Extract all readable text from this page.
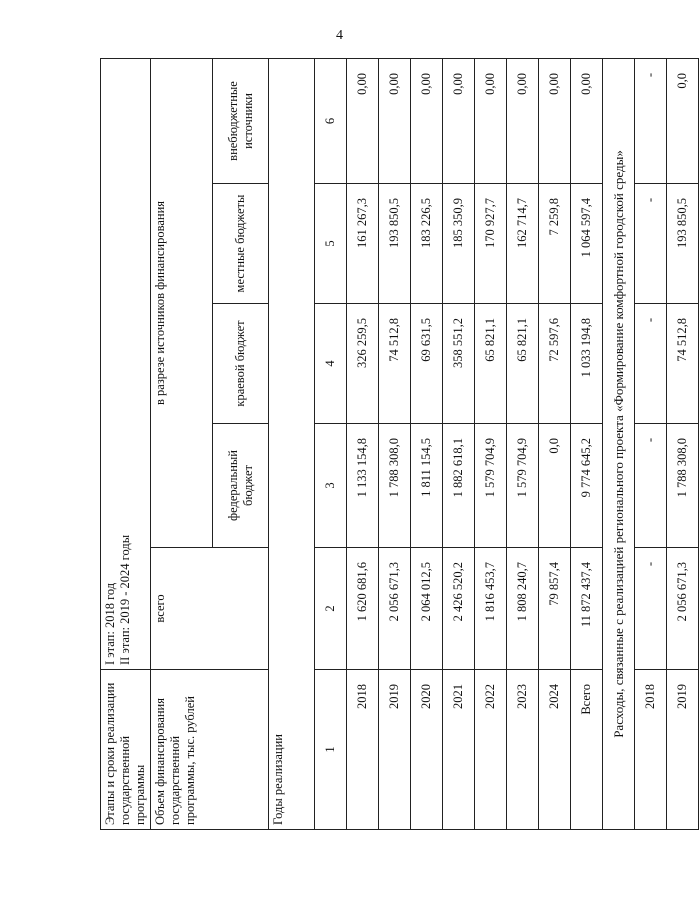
4
Этапы и сроки реализации государственной программы	I этап: 2018 год II этап: 2019 - 2024 годы				

Объем финансирования государственной программы, тыс. рублей	всего	в разрезе источников финансирования			
		федеральный бюджет	краевой бюджет	местные бюджеты	внебюджетные источники
Годы реализации					
1	2	3	4	5	6
2018	1 620 681,6	1 133 154,8	326 259,5	161 267,3	0,00
2019	2 056 671,3	1 788 308,0	74 512,8	193 850,5	0,00
2020	2 064 012,5	1 811 154,5	69 631,5	183 226,5	0,00
2021	2 426 520,2	1 882 618,1	358 551,2	185 350,9	0,00
2022	1 816 453,7	1 579 704,9	65 821,1	170 927,7	0,00
2023	1 808 240,7	1 579 704,9	65 821,1	162 714,7	0,00
2024	79 857,4	0,0	72 597,6	7 259,8	0,00
Всего	11 872 437,4	9 774 645,2	1 033 194,8	1 064 597,4	0,00
Расходы, связанные с реализацией регионального проекта «Формирование комфортной городской среды»					
2018	-	-	-	-	-
2019	2 056 671,3	1 788 308,0	74 512,8	193 850,5	0,0
